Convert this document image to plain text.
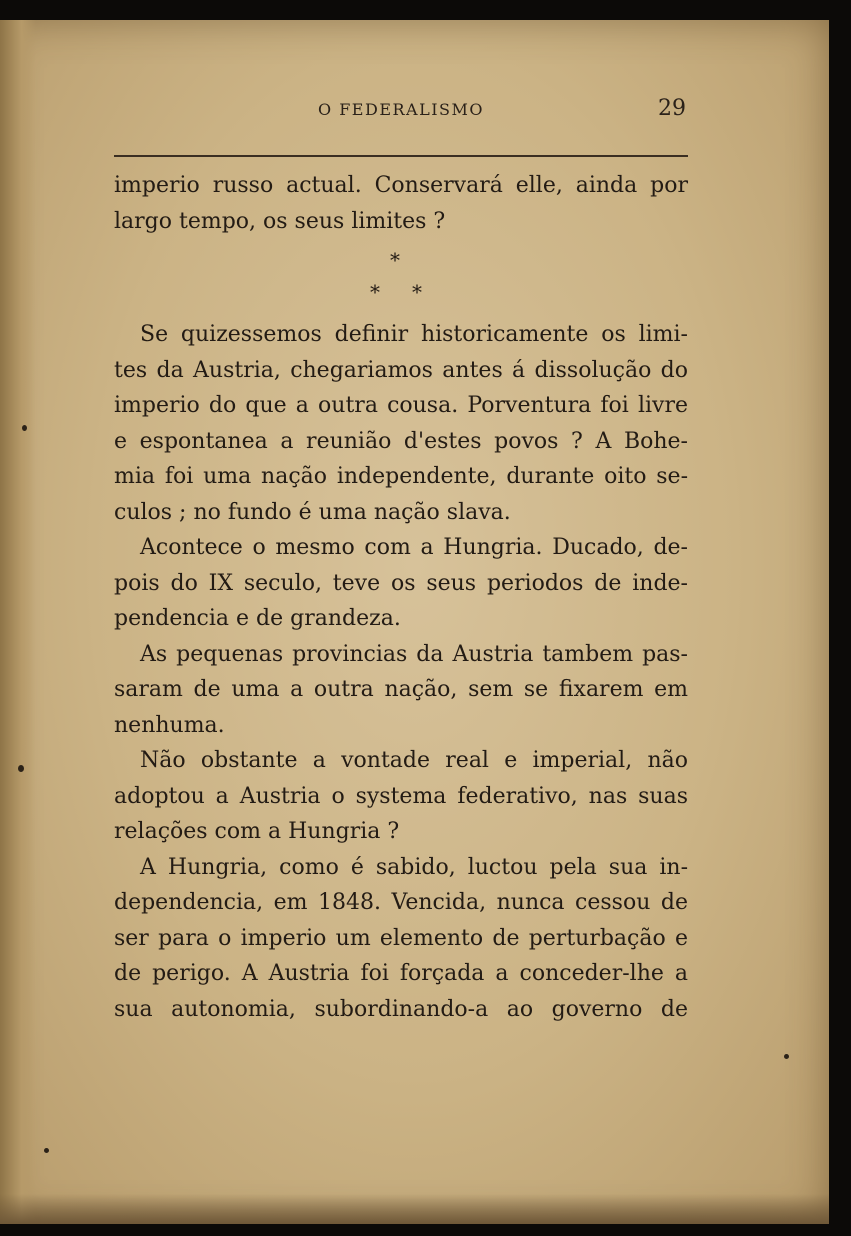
O FEDERALISMO	29

imperio russo actual. Conservará elle, ainda por
largo tempo, os seus limites ?

*
* *

Se quizessemos definir historicamente os limi-
tes da Austria, chegariamos antes á dissolução do
imperio do que a outra cousa. Porventura foi livre
e espontanea a reunião d'estes povos ? A Bohe-
mia foi uma nação independente, durante oito se-
culos ; no fundo é uma nação slava.

Acontece o mesmo com a Hungria. Ducado, de-
pois do IX seculo, teve os seus periodos de inde-
pendencia e de grandeza.

As pequenas provincias da Austria tambem pas-
saram de uma a outra nação, sem se fixarem em
nenhuma.

Não obstante a vontade real e imperial, não
adoptou a Austria o systema federativo, nas suas
relações com a Hungria ?

A Hungria, como é sabido, luctou pela sua in-
dependencia, em 1848. Vencida, nunca cessou de
ser para o imperio um elemento de perturbação e
de perigo. A Austria foi forçada a conceder-lhe a
sua autonomia, subordinando-a ao governo de
